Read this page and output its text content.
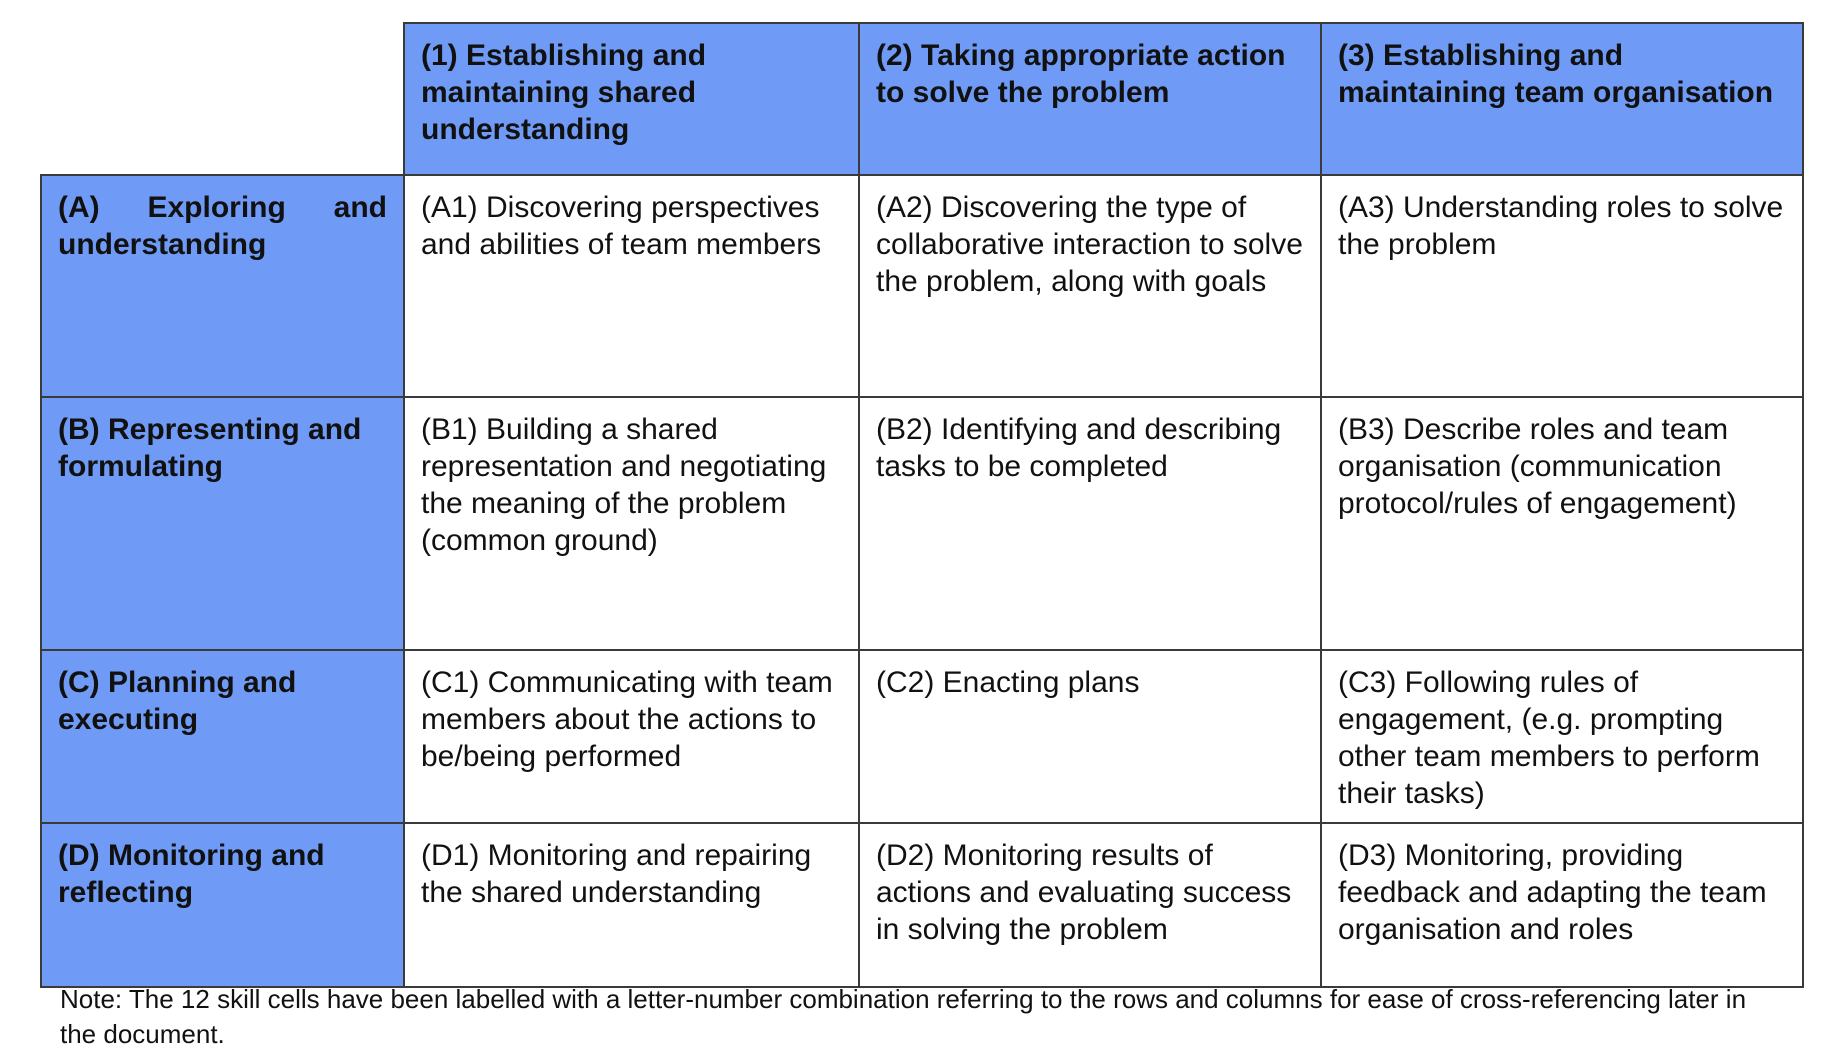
	(1) Establishing and maintaining shared understanding	(2) Taking appropriate action to solve the problem	(3) Establishing and maintaining team organisation
(A) Exploring and understanding	(A1) Discovering perspectives and abilities of team members	(A2) Discovering the type of collaborative interaction to solve the problem, along with goals	(A3) Understanding roles to solve the problem
(B) Representing and formulating	(B1) Building a shared representation and negotiating the meaning of the problem (common ground)	(B2) Identifying and describing tasks to be completed	(B3) Describe roles and team organisation (communication protocol/rules of engagement)
(C) Planning and executing	(C1) Communicating with team members about the actions to be/being performed	(C2) Enacting plans	(C3) Following rules of engagement, (e.g. prompting other team members to perform their tasks)
(D) Monitoring and reflecting	(D1) Monitoring and repairing the shared understanding	(D2) Monitoring results of actions and evaluating success in solving the problem	(D3) Monitoring, providing feedback and adapting the team organisation and roles
Note: The 12 skill cells have been labelled with a letter-number combination referring to the rows and columns for ease of cross-referencing later in the document.
